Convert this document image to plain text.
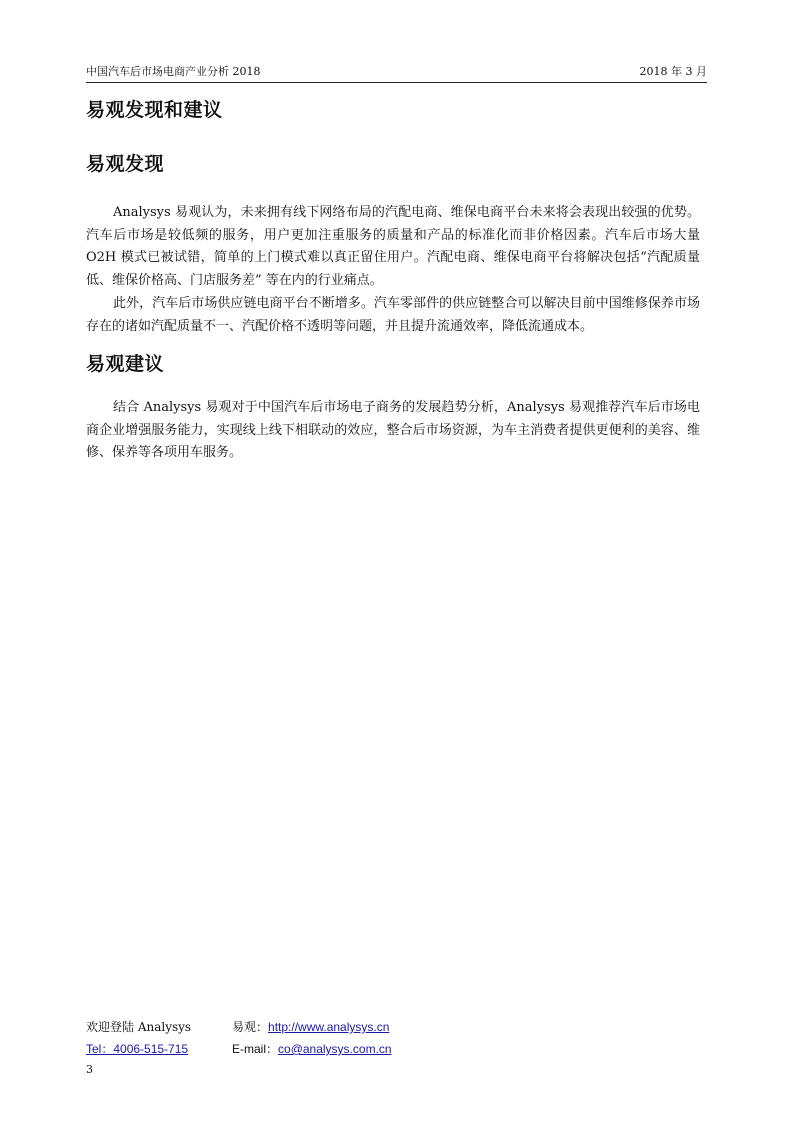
中国汽车后市场电商产业分析 2018	2018 年 3 月
易观发现和建议
易观发现

Analysys 易观认为，未来拥有线下网络布局的汽配电商、维保电商平台未来将会表现出较强的优势。汽车后市场是较低频的服务，用户更加注重服务的质量和产品的标准化而非价格因素。汽车后市场大量 O2H 模式已被试错，简单的上门模式难以真正留住用户。汽配电商、维保电商平台将解决包括“汽配质量低、维保价格高、门店服务差” 等在内的行业痛点。

此外，汽车后市场供应链电商平台不断增多。汽车零部件的供应链整合可以解决目前中国维修保养市场存在的诸如汽配质量不一、汽配价格不透明等问题，并且提升流通效率，降低流通成本。

易观建议

结合 Analysys 易观对于中国汽车后市场电子商务的发展趋势分析，Analysys 易观推荐汽车后市场电商企业增强服务能力，实现线上线下相联动的效应，整合后市场资源，为车主消费者提供更便利的美容、维修、保养等各项用车服务。

欢迎登陆 Analysys	易观：http://www.analysys.cn
Tel：4006-515-715	E-mail：co@analysys.com.cn
3
